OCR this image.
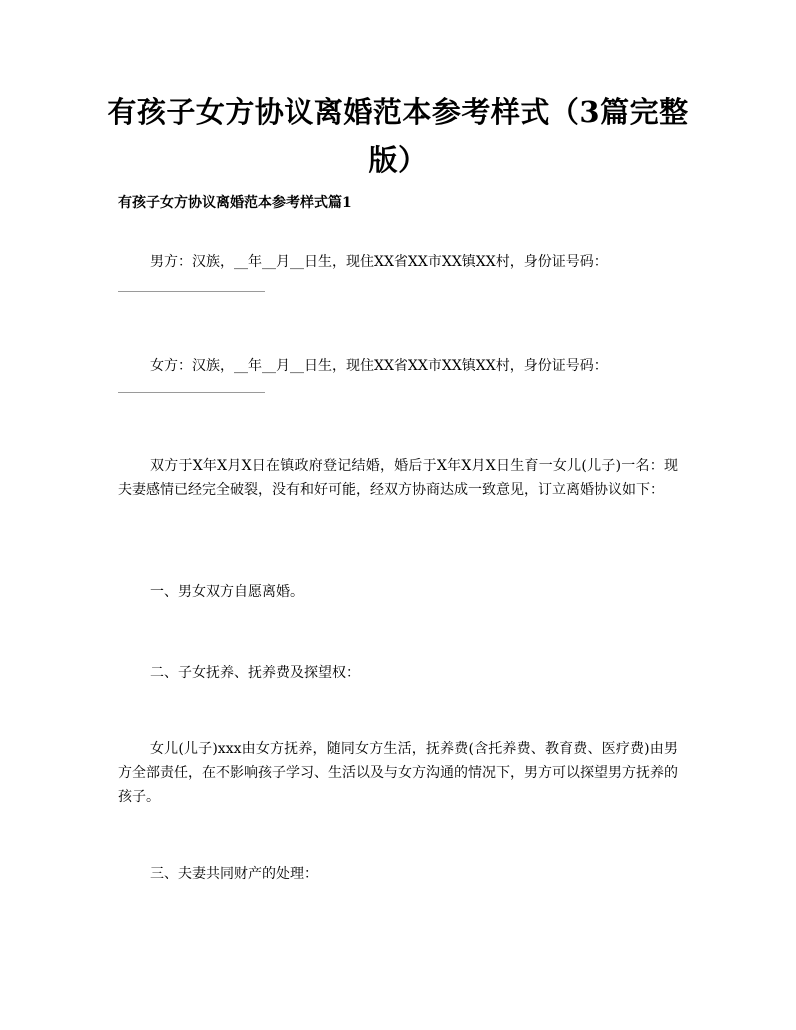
有孩子女方协议离婚范本参考样式（3篇完整版）
有孩子女方协议离婚范本参考样式篇1
男方：汉族，__年__月__日生，现住XX省XX市XX镇XX村，身份证号码：
女方：汉族，__年__月__日生，现住XX省XX市XX镇XX村，身份证号码：
双方于X年X月X日在镇政府登记结婚，婚后于X年X月X日生育一女儿(儿子)一名：现夫妻感情已经完全破裂，没有和好可能，经双方协商达成一致意见，订立离婚协议如下：
一、男女双方自愿离婚。
二、子女抚养、抚养费及探望权：
女儿(儿子)xxx由女方抚养，随同女方生活，抚养费(含托养费、教育费、医疗费)由男方全部责任，在不影响孩子学习、生活以及与女方沟通的情况下，男方可以探望男方抚养的孩子。
三、夫妻共同财产的处理：
